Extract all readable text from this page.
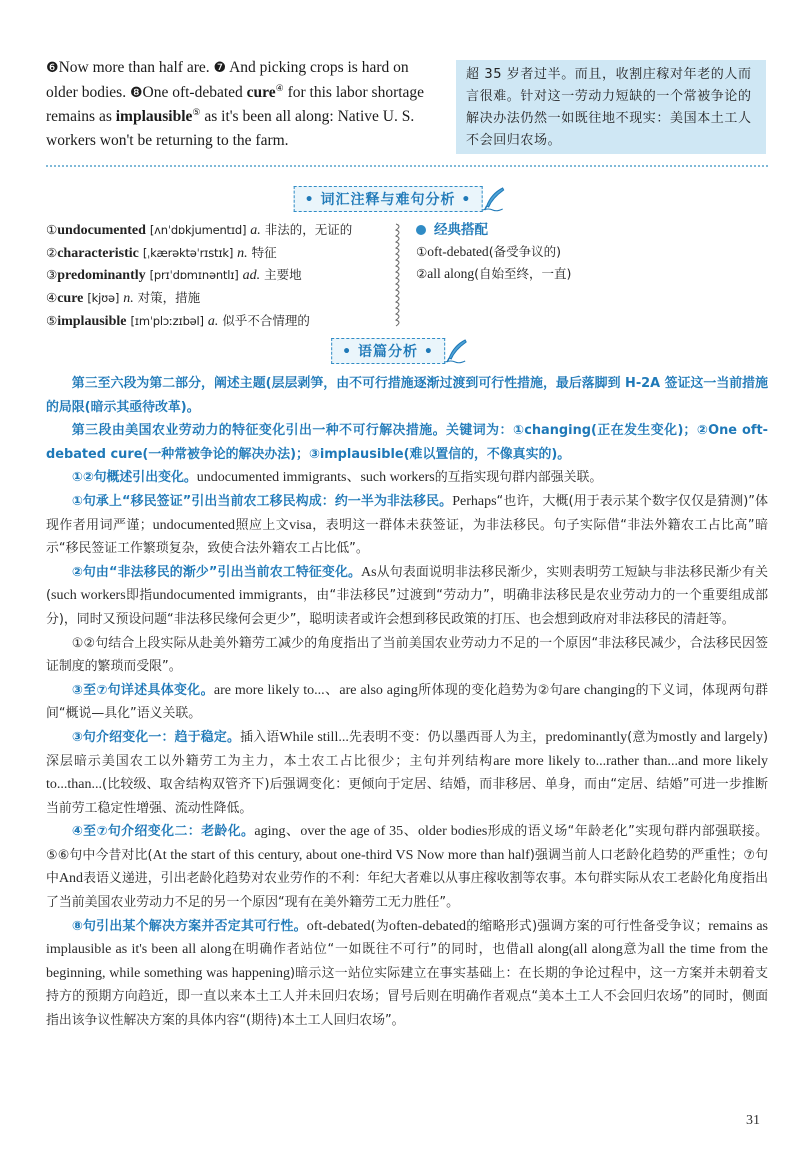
❻Now more than half are. ❼ And picking crops is hard on older bodies. ❽One oft-debated cure④ for this labor shortage remains as implausible⑤ as it's been all along: Native U. S. workers won't be returning to the farm.

超 35 岁者过半。而且，收割庄稼对年老的人而言很难。针对这一劳动力短缺的一个常被争论的解决办法仍然一如既往地不现实：美国本土工人不会回归农场。
• 词汇注释与难句分析 •
①undocumented [ʌnˈdɒkjumentɪd] a. 非法的，无证的
②characteristic [ˌkærəktəˈrɪstɪk] n. 特征
③predominantly [prɪˈdɒmɪnəntlɪ] ad. 主要地
④cure [kjʊə] n. 对策，措施
⑤implausible [ɪmˈplɔːzɪbəl] a. 似乎不合情理的
经典搭配
①oft-debated(备受争议的)
②all along(自始至终，一直)
• 语篇分析 •

第三至六段为第二部分，阐述主题(层层剥笋，由不可行措施逐渐过渡到可行性措施，最后落脚到 H-2A 签证这一当前措施的局限(暗示其亟待改革)。

第三段由美国农业劳动力的特征变化引出一种不可行解决措施。关键词为：①changing(正在发生变化)；②One oft-debated cure(一种常被争论的解决办法)；③implausible(难以置信的，不像真实的)。

①②句概述引出变化。undocumented immigrants、such workers的互指实现句群内部强关联。

①句承上“移民签证”引出当前农工移民构成：约一半为非法移民。Perhaps“也许，大概(用于表示某个数字仅仅是猜测)”体现作者用词严谨；undocumented照应上文visa，表明这一群体未获签证，为非法移民。句子实际借“非法外籍农工占比高”暗示“移民签证工作繁琐复杂，致使合法外籍农工占比低”。

②句由“非法移民的渐少”引出当前农工特征变化。As从句表面说明非法移民渐少，实则表明劳工短缺与非法移民渐少有关(such workers即指undocumented immigrants，由“非法移民”过渡到“劳动力”，明确非法移民是农业劳动力的一个重要组成部分)，同时又预设问题“非法移民缘何会更少”，聪明读者或许会想到移民政策的打压、也会想到政府对非法移民的清赶等。

①②句结合上段实际从赴美外籍劳工减少的角度指出了当前美国农业劳动力不足的一个原因“非法移民减少，合法移民因签证制度的繁琐而受限”。

③至⑦句详述具体变化。are more likely to...、are also aging所体现的变化趋势为②句are changing的下义词，体现两句群间“概说—具化”语义关联。

③句介绍变化一：趋于稳定。插入语While still...先表明不变：仍以墨西哥人为主，predominantly(意为mostly and largely)深层暗示美国农工以外籍劳工为主力，本土农工占比很少；主句并列结构are more likely to...rather than...and more likely to...than...(比较级、取舍结构双管齐下)后强调变化：更倾向于定居、结婚，而非移居、单身，而由“定居、结婚”可进一步推断当前劳工稳定性增强、流动性降低。

④至⑦句介绍变化二：老龄化。aging、over the age of 35、older bodies形成的语义场“年龄老化”实现句群内部强联接。⑤⑥句中今昔对比(At the start of this century, about one-third VS Now more than half)强调当前人口老龄化趋势的严重性；⑦句中And表语义递进，引出老龄化趋势对农业劳作的不利：年纪大者难以从事庄稼收割等农事。本句群实际从农工老龄化角度指出了当前美国农业劳动力不足的另一个原因“现有在美外籍劳工无力胜任”。

⑧句引出某个解决方案并否定其可行性。oft-debated(为often-debated的缩略形式)强调方案的可行性备受争议；remains as implausible as it's been all along在明确作者站位“一如既往不可行”的同时，也借all along(all along意为all the time from the beginning, while something was happening)暗示这一站位实际建立在事实基础上：在长期的争论过程中，这一方案并未朝着支持方的预期方向趋近，即一直以来本土工人并未回归农场；冒号后则在明确作者观点“美本土工人不会回归农场”的同时，侧面指出该争议性解决方案的具体内容“(期待)本土工人回归农场”。

31
